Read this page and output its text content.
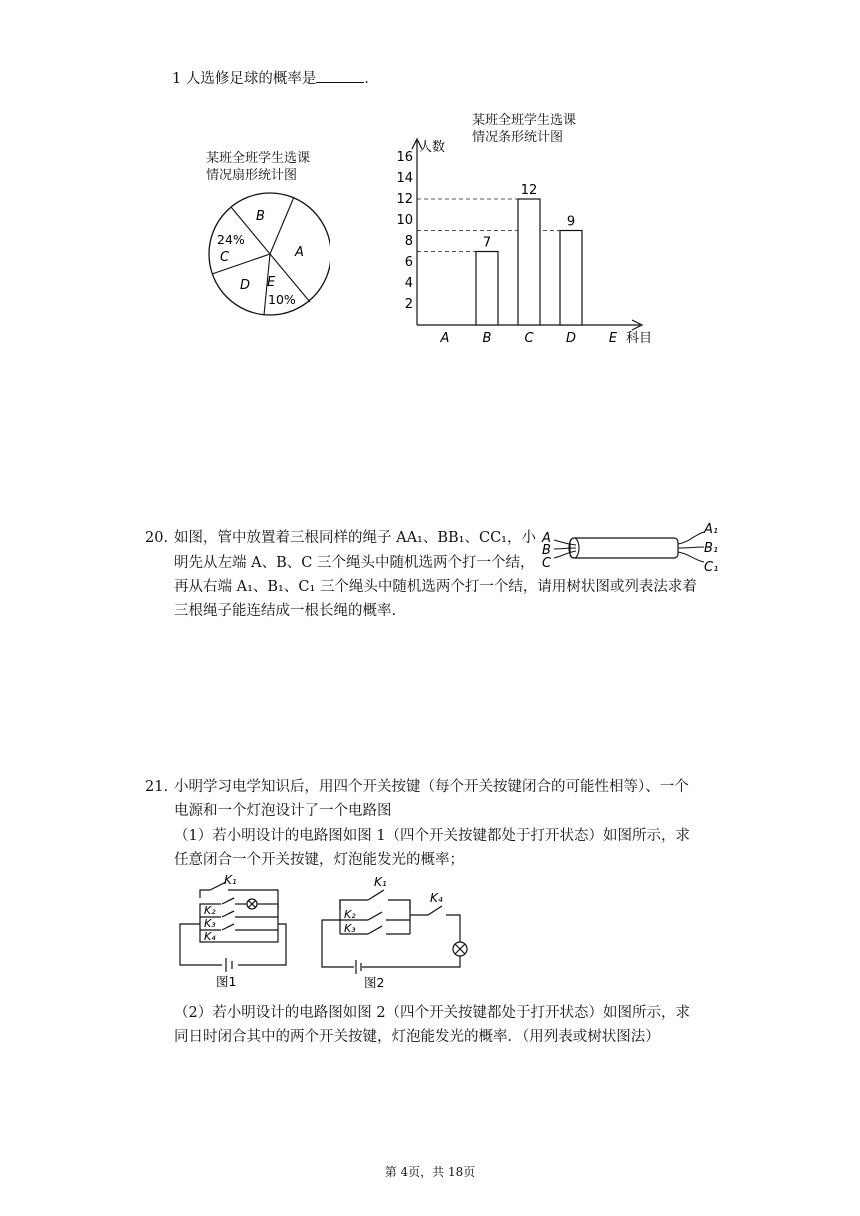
1 人选修足球的概率是	．
某班全班学生选课
情况扇形统计图
B
A
24%
C
D E
10%
某班全班学生选课
情况条形统计图
人数
科目
2
4
6
8
10
12
14
16
A	B	C D	E
7
12
9
20. 如图，管中放置着三根同样的绳子 AA₁、BB₁、CC₁，小
明先从左端 A、B、C 三个绳头中随机选两个打一个结，
再从右端 A₁、B₁、C₁ 三个绳头中随机选两个打一个结，请用树状图或列表法求着
三根绳子能连结成一根长绳的概率.
A
B
C
A₁
B₁
C₁
21. 小明学习电学知识后，用四个开关按键（每个开关按键闭合的可能性相等）、一个
电源和一个灯泡设计了一个电路图
（1）若小明设计的电路图如图 1（四个开关按键都处于打开状态）如图所示，求
任意闭合一个开关按键，灯泡能发光的概率；
K₁
K₂
K₃
K₄
图1
K₁
K₂
K₃
K₄
图2
（2）若小明设计的电路图如图 2（四个开关按键都处于打开状态）如图所示，求
同日时闭合其中的两个开关按键，灯泡能发光的概率．（用列表或树状图法）
第 4页，共 18页
